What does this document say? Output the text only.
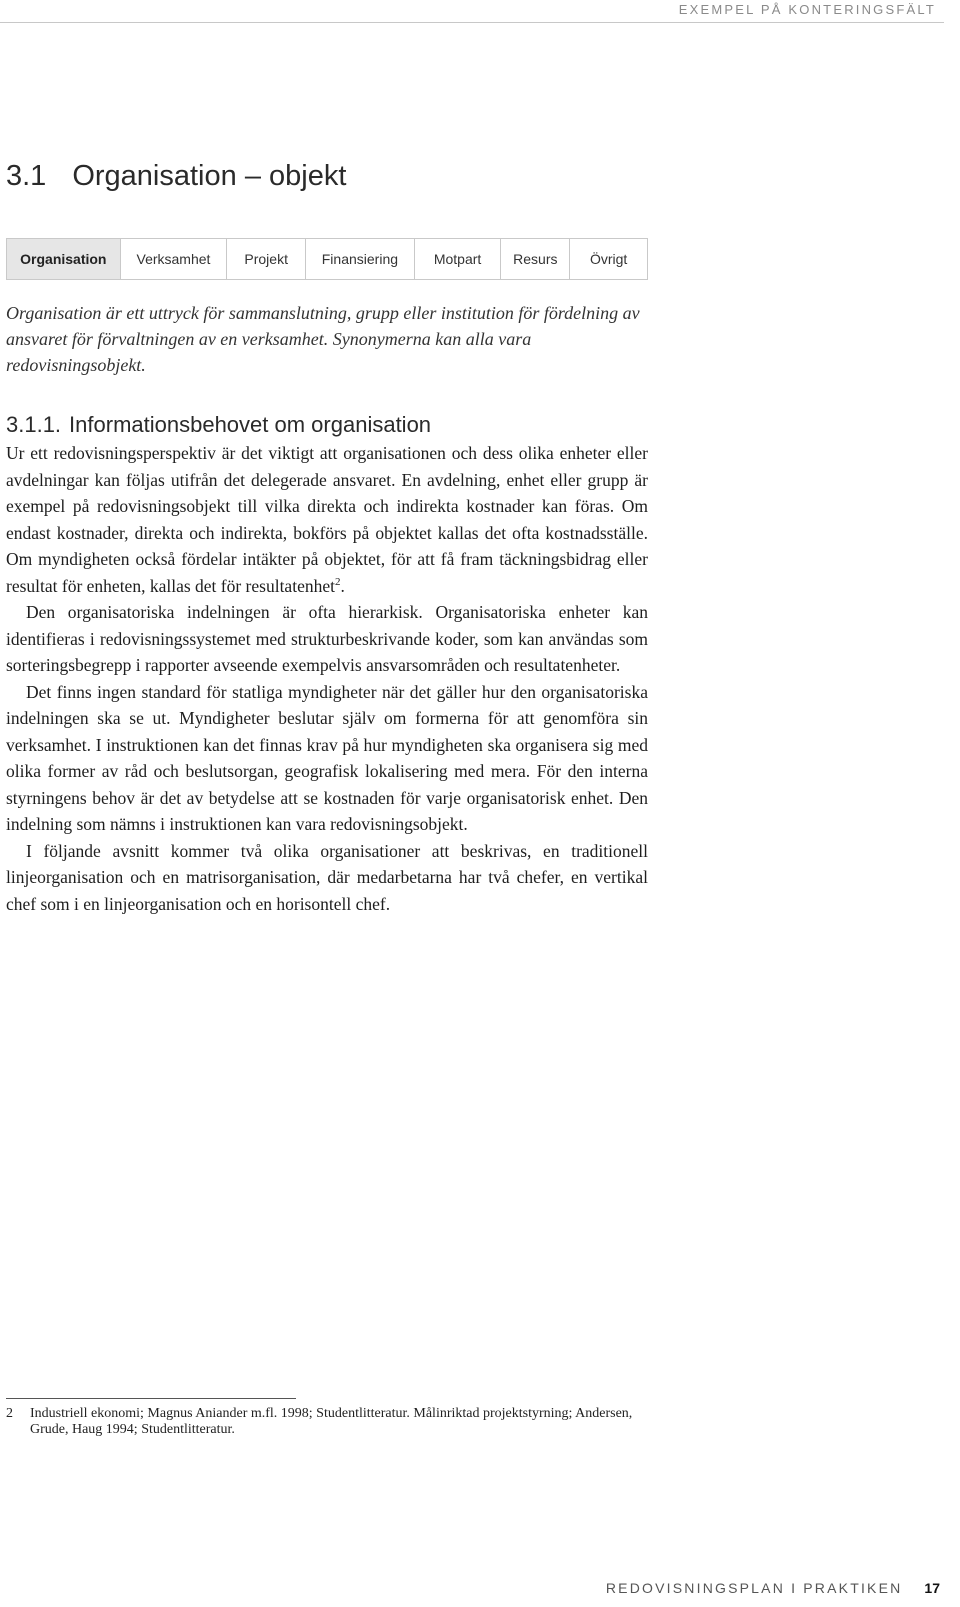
EXEMPEL PÅ KONTERINGSFÄLT
3.1 Organisation – objekt
Organisation Verksamhet Projekt Finansiering	Motpart Resurs Övrigt

Organisation är ett uttryck för sammanslutning, grupp eller institution för fördelning av ansvaret för förvaltningen av en verksamhet. Synonymerna kan alla vara redovisningsobjekt.

3.1.1. Informationsbehovet om organisation

Ur ett redovisningsperspektiv är det viktigt att organisationen och dess olika enheter eller avdelningar kan följas utifrån det delegerade ansvaret. En avdelning, enhet eller grupp är exempel på redovisningsobjekt till vilka direkta och indirekta kostnader kan föras. Om endast kostnader, direkta och indirekta, bokförs på objektet kallas det ofta kostnadsställe. Om myndigheten också fördelar intäkter på objektet, för att få fram täckningsbidrag eller resultat för enheten, kallas det för resultatenhet$^2$.

Den organisatoriska indelningen är ofta hierarkisk. Organisatoriska enheter kan identifieras i redovisningssystemet med strukturbeskrivande koder, som kan användas som sorteringsbegrepp i rapporter avseende exempelvis ansvarsområden och resultatenheter.

Det finns ingen standard för statliga myndigheter när det gäller hur den organisatoriska indelningen ska se ut. Myndigheter beslutar själv om formerna för att genomföra sin verksamhet. I instruktionen kan det finnas krav på hur myndigheten ska organisera sig med olika former av råd och beslutsorgan, geografisk lokalisering med mera. För den interna styrningens behov är det av betydelse att se kostnaden för varje organisatorisk enhet. Den indelning som nämns i instruktionen kan vara redovisningsobjekt.

I följande avsnitt kommer två olika organisationer att beskrivas, en traditionell linjeorganisation och en matrisorganisation, där medarbetarna har två chefer, en vertikal chef som i en linjeorganisation och en horisontell chef.

2	Industriell ekonomi; Magnus Aniander m.fl. 1998; Studentlitteratur. Målinriktad projektstyrning; Andersen, Grude, Haug 1994; Studentlitteratur.
REDOVISNINGSPLAN I PRAKTIKEN 17
